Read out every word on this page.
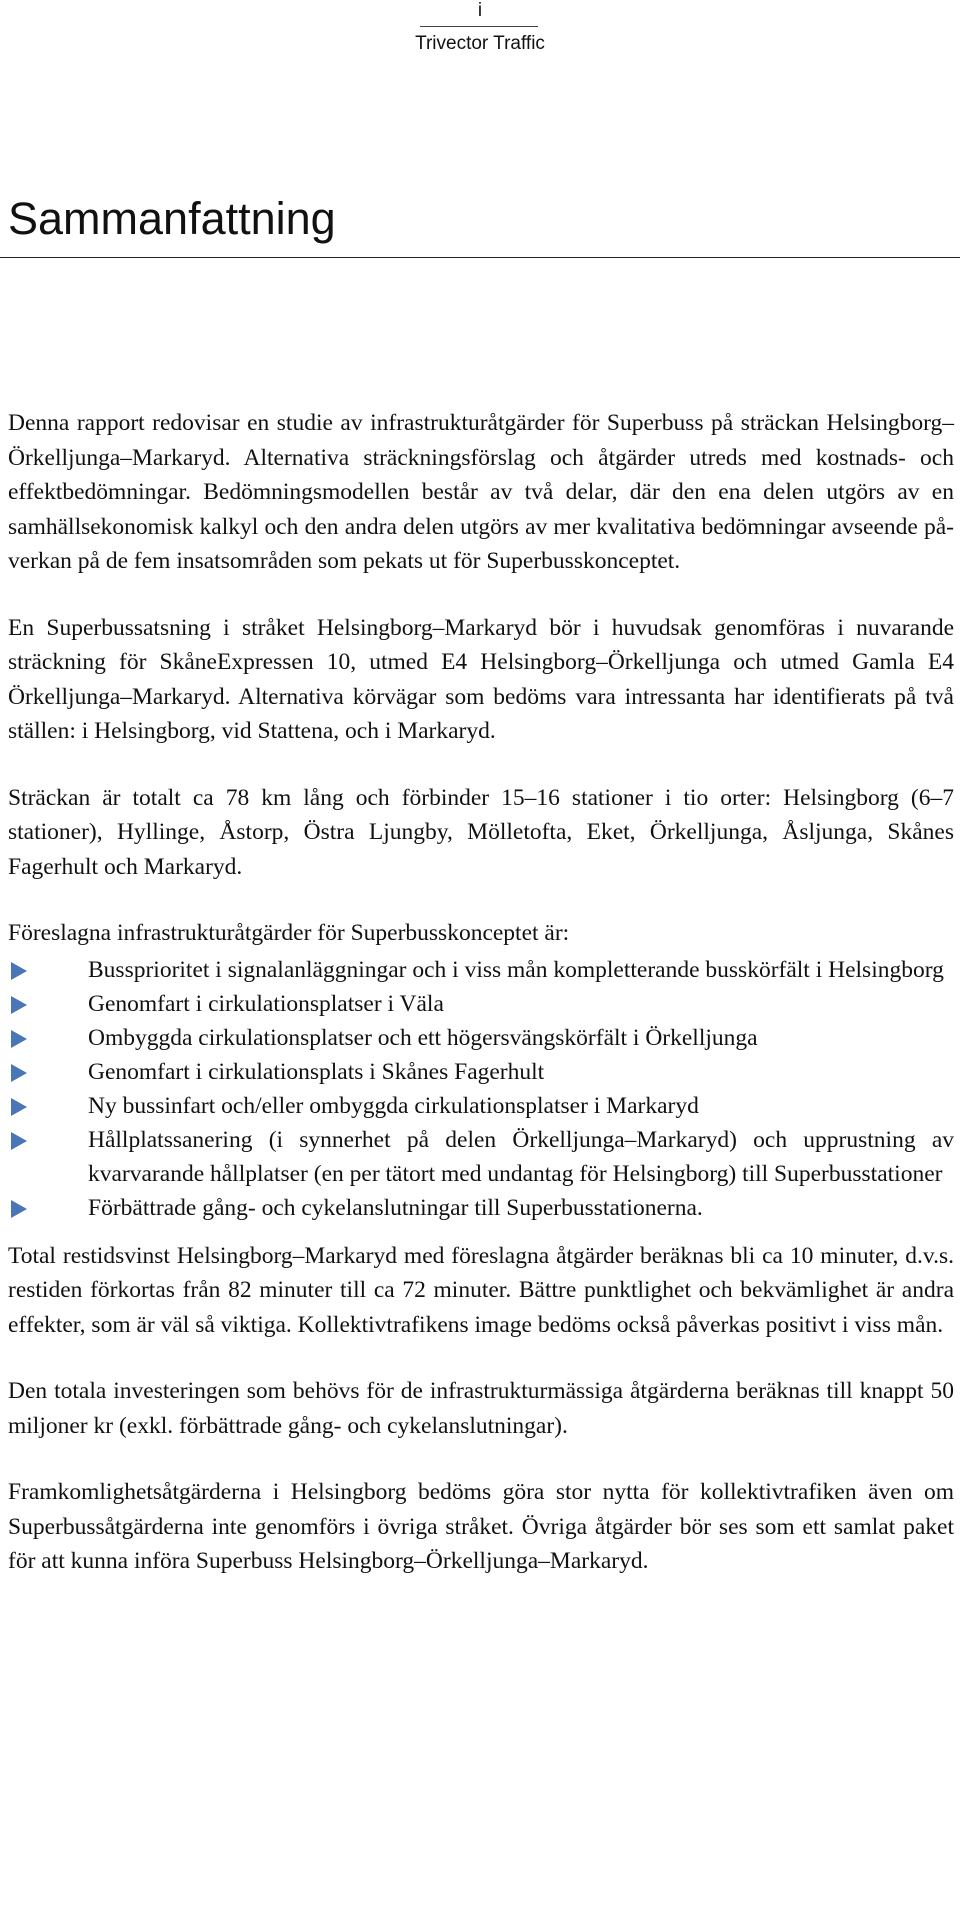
i
Trivector Traffic
Sammanfattning

Denna rapport redovisar en studie av infrastrukturåtgärder för Superbuss på sträckan Helsingborg–Örkelljunga–Markaryd. Alternativa sträckningsförslag och åtgärder utreds med kostnads- och effektbedömningar. Bedömningsmodellen består av två delar, där den ena delen utgörs av en samhällsekonomisk kalkyl och den andra delen utgörs av mer kvalitativa bedömningar avseende påverkan på de fem insatsområden som pekats ut för Superbusskonceptet.

En Superbussatsning i stråket Helsingborg–Markaryd bör i huvudsak genomföras i nuvarande sträckning för SkåneExpressen 10, utmed E4 Helsingborg–Örkelljunga och utmed Gamla E4 Örkelljunga–Markaryd. Alternativa körvägar som bedöms vara intressanta har identifierats på två ställen: i Helsingborg, vid Stattena, och i Markaryd.

Sträckan är totalt ca 78 km lång och förbinder 15–16 stationer i tio orter: Helsingborg (6–7 stationer), Hyllinge, Åstorp, Östra Ljungby, Mölletofta, Eket, Örkelljunga, Åsljunga, Skånes Fagerhult och Markaryd.

Föreslagna infrastrukturåtgärder för Superbusskonceptet är:

Bussprioritet i signalanläggningar och i viss mån kompletterande busskörfält i Helsingborg
Genomfart i cirkulationsplatser i Väla
Ombyggda cirkulationsplatser och ett högersvängskörfält i Örkelljunga
Genomfart i cirkulationsplats i Skånes Fagerhult
Ny bussinfart och/eller ombyggda cirkulationsplatser i Markaryd
Hållplatssanering (i synnerhet på delen Örkelljunga–Markaryd) och upprustning av kvarvarande hållplatser (en per tätort med undantag för Helsingborg) till Superbusstationer
Förbättrade gång- och cykelanslutningar till Superbusstationerna.

Total restidsvinst Helsingborg–Markaryd med föreslagna åtgärder beräknas bli ca 10 minuter, d.v.s. restiden förkortas från 82 minuter till ca 72 minuter. Bättre punktlighet och bekvämlighet är andra effekter, som är väl så viktiga. Kollektivtrafikens image bedöms också påverkas positivt i viss mån.

Den totala investeringen som behövs för de infrastrukturmässiga åtgärderna beräknas till knappt 50 miljoner kr (exkl. förbättrade gång- och cykelanslutningar).

Framkomlighetsåtgärderna i Helsingborg bedöms göra stor nytta för kollektivtrafiken även om Superbussåtgärderna inte genomförs i övriga stråket. Övriga åtgärder bör ses som ett samlat paket för att kunna införa Superbuss Helsingborg–Örkelljunga–Markaryd.
